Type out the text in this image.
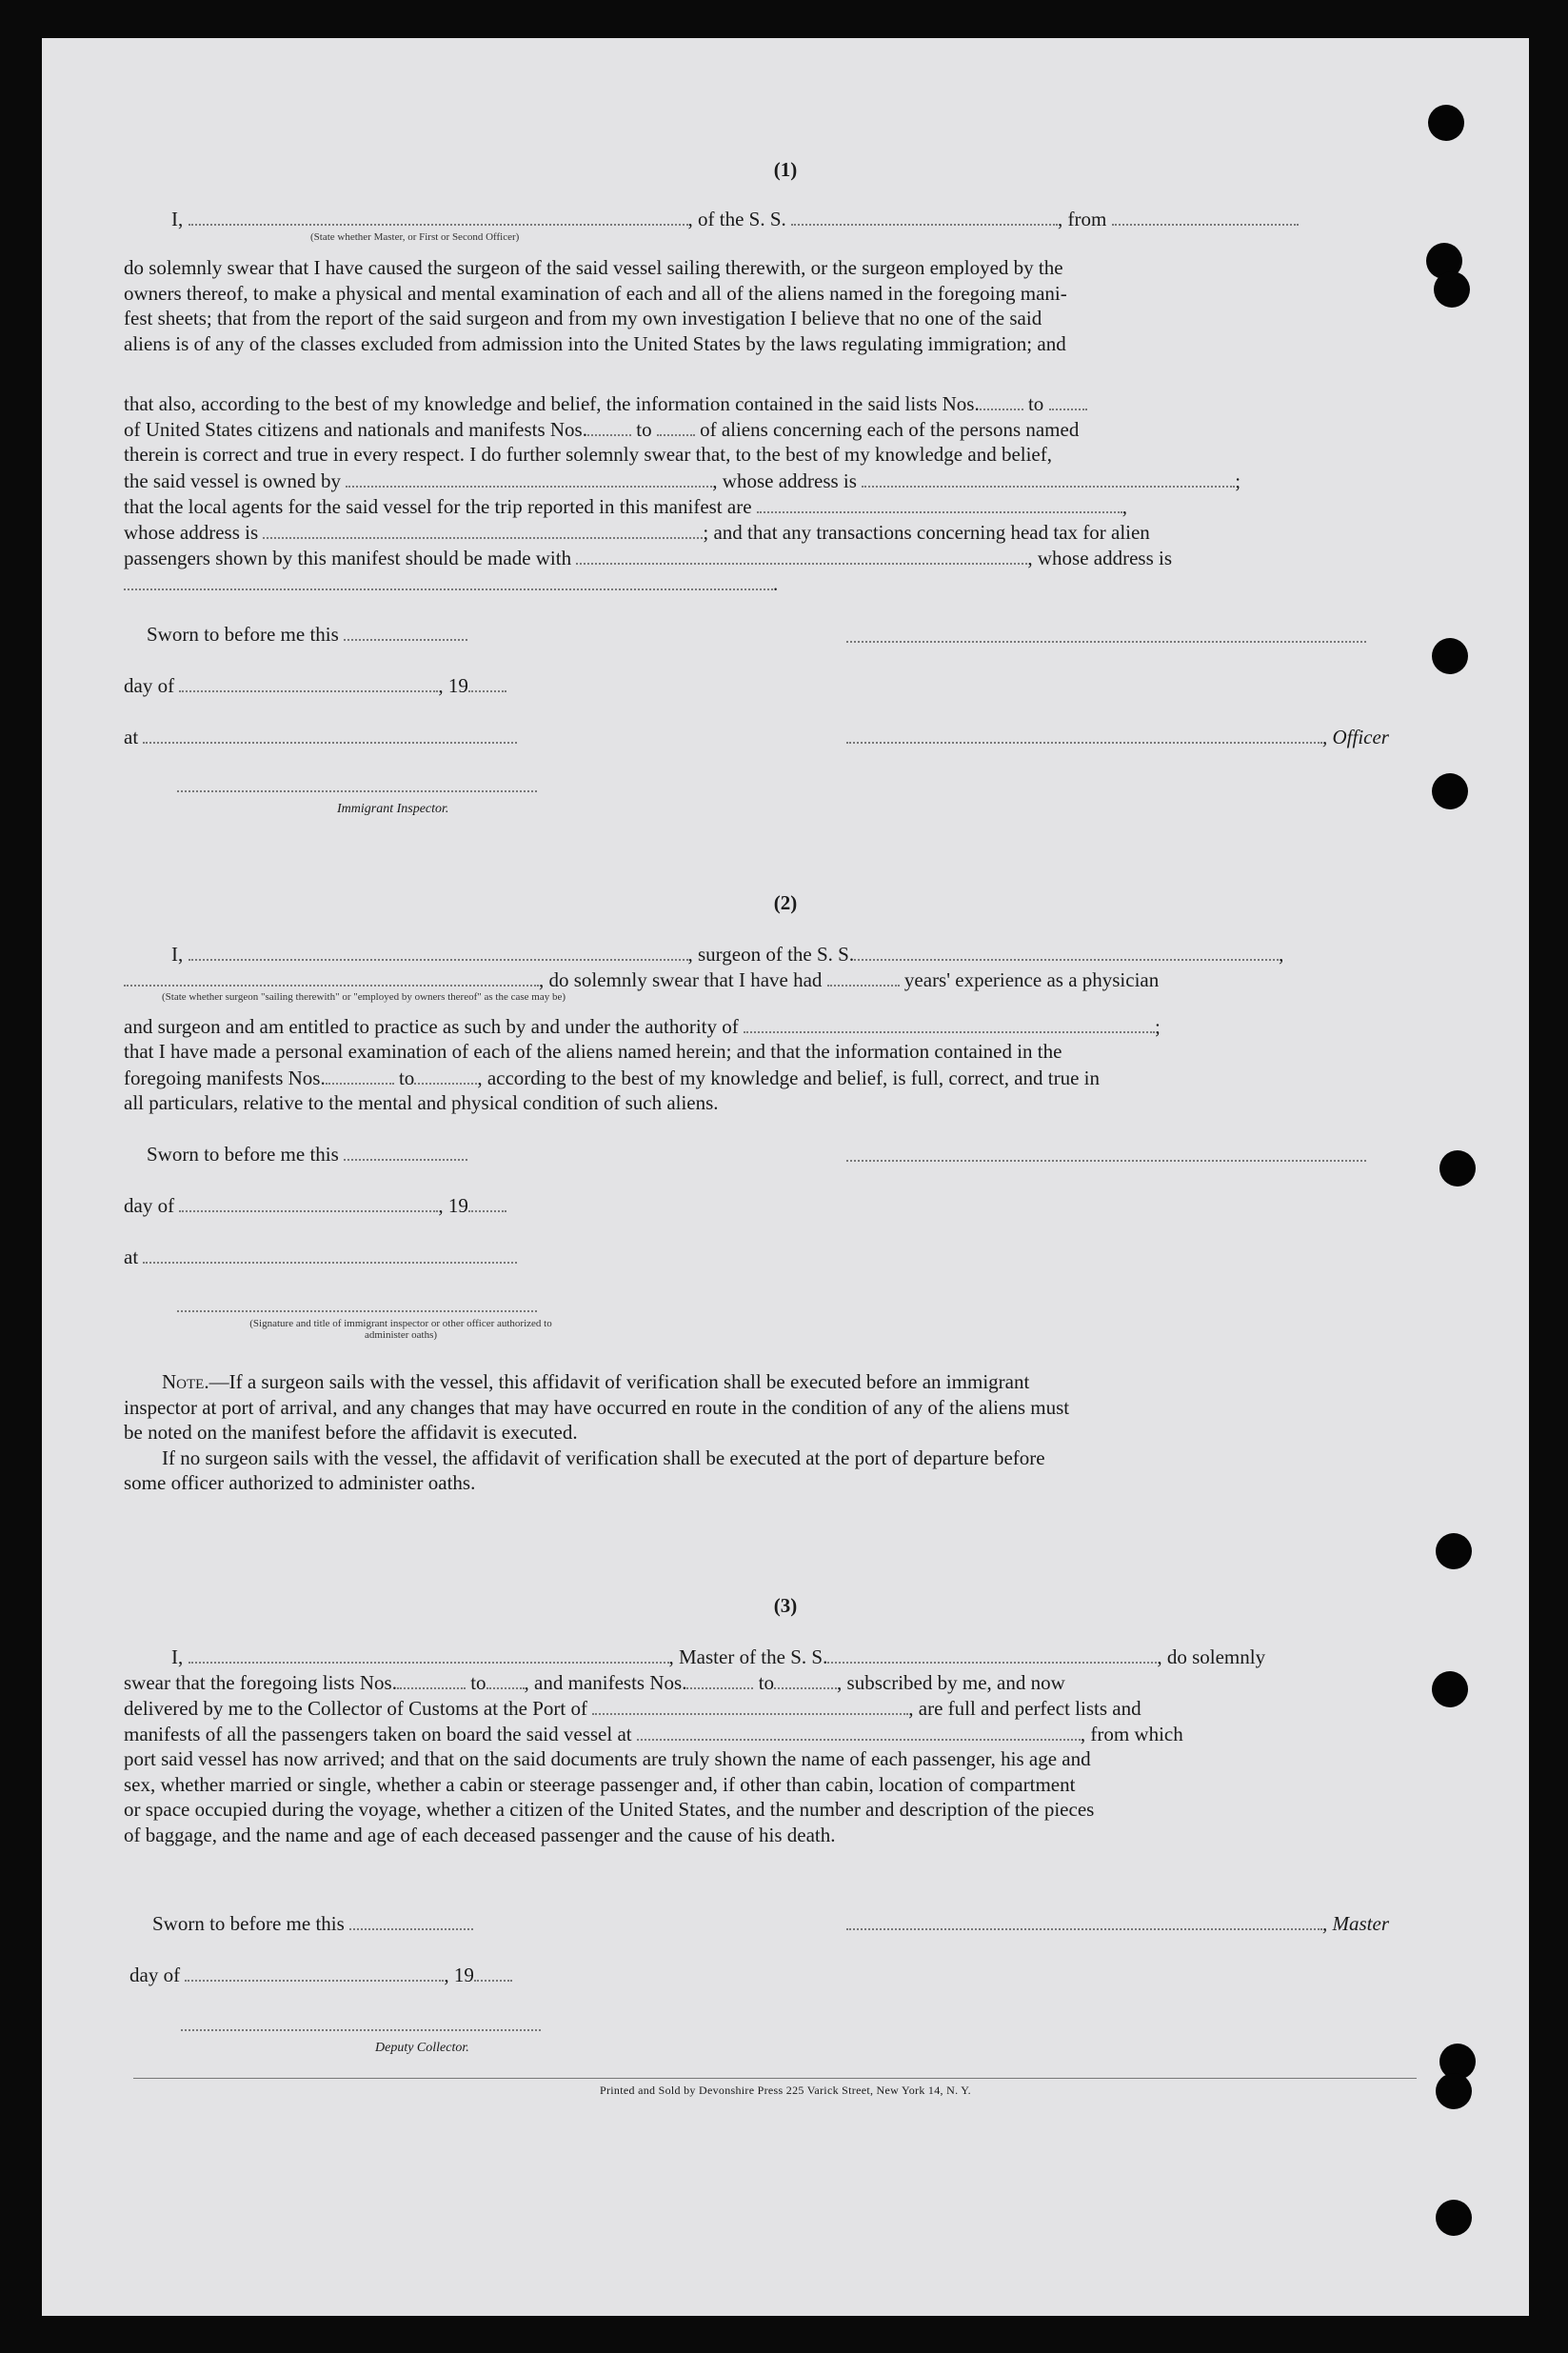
(1)
I,	, of the S. S.	, from
(State whether Master, or First or Second Officer)
do solemnly swear that I have caused the surgeon of the said vessel sailing therewith, or the surgeon employed by the
owners thereof, to make a physical and mental examination of each and all of the aliens named in the foregoing mani-
fest sheets; that from the report of the said surgeon and from my own investigation I believe that no one of the said
aliens is of any of the classes excluded from admission into the United States by the laws regulating immigration; and
that also, according to the best of my knowledge and belief, the information contained in the said lists Nos. to
of United States citizens and nationals and manifests Nos. to of aliens concerning each of the persons named
therein is correct and true in every respect. I do further solemnly swear that, to the best of my knowledge and belief,
the said vessel is owned by	, whose address is	;
that the local agents for the said vessel for the trip reported in this manifest are	,
whose address is	; and that any transactions concerning head tax for alien
passengers shown by this manifest should be made with	, whose address is
.
Sworn to before me this
day of	, 19
at	, Officer
Immigrant Inspector.
(2)
I,	, surgeon of the S. S.	,
, do solemnly swear that I have had	years' experience as a physician
(State whether surgeon "sailing therewith" or "employed by owners thereof" as the case may be)
and surgeon and am entitled to practice as such by and under the authority of	;
that I have made a personal examination of each of the aliens named herein; and that the information contained in the
foregoing manifests Nos.	to	, according to the best of my knowledge and belief, is full, correct, and true in
all particulars, relative to the mental and physical condition of such aliens.
Sworn to before me this
day of	, 19
at
(Signature and title of immigrant inspector or other officer authorized to administer oaths)
Note.—If a surgeon sails with the vessel, this affidavit of verification shall be executed before an immigrant
inspector at port of arrival, and any changes that may have occurred en route in the condition of any of the aliens must
be noted on the manifest before the affidavit is executed.
If no surgeon sails with the vessel, the affidavit of verification shall be executed at the port of departure before
some officer authorized to administer oaths.
(3)
I,	, Master of the S. S.	, do solemnly
swear that the foregoing lists Nos.	to , and manifests Nos.	to	, subscribed by me, and now
delivered by me to the Collector of Customs at the Port of	, are full and perfect lists and
manifests of all the passengers taken on board the said vessel at	, from which
port said vessel has now arrived; and that on the said documents are truly shown the name of each passenger, his age and
sex, whether married or single, whether a cabin or steerage passenger and, if other than cabin, location of compartment
or space occupied during the voyage, whether a citizen of the United States, and the number and description of the pieces
of baggage, and the name and age of each deceased passenger and the cause of his death.
Sworn to before me this	, Master
day of	, 19
Deputy Collector.
Printed and Sold by Devonshire Press 225 Varick Street, New York 14, N. Y.
